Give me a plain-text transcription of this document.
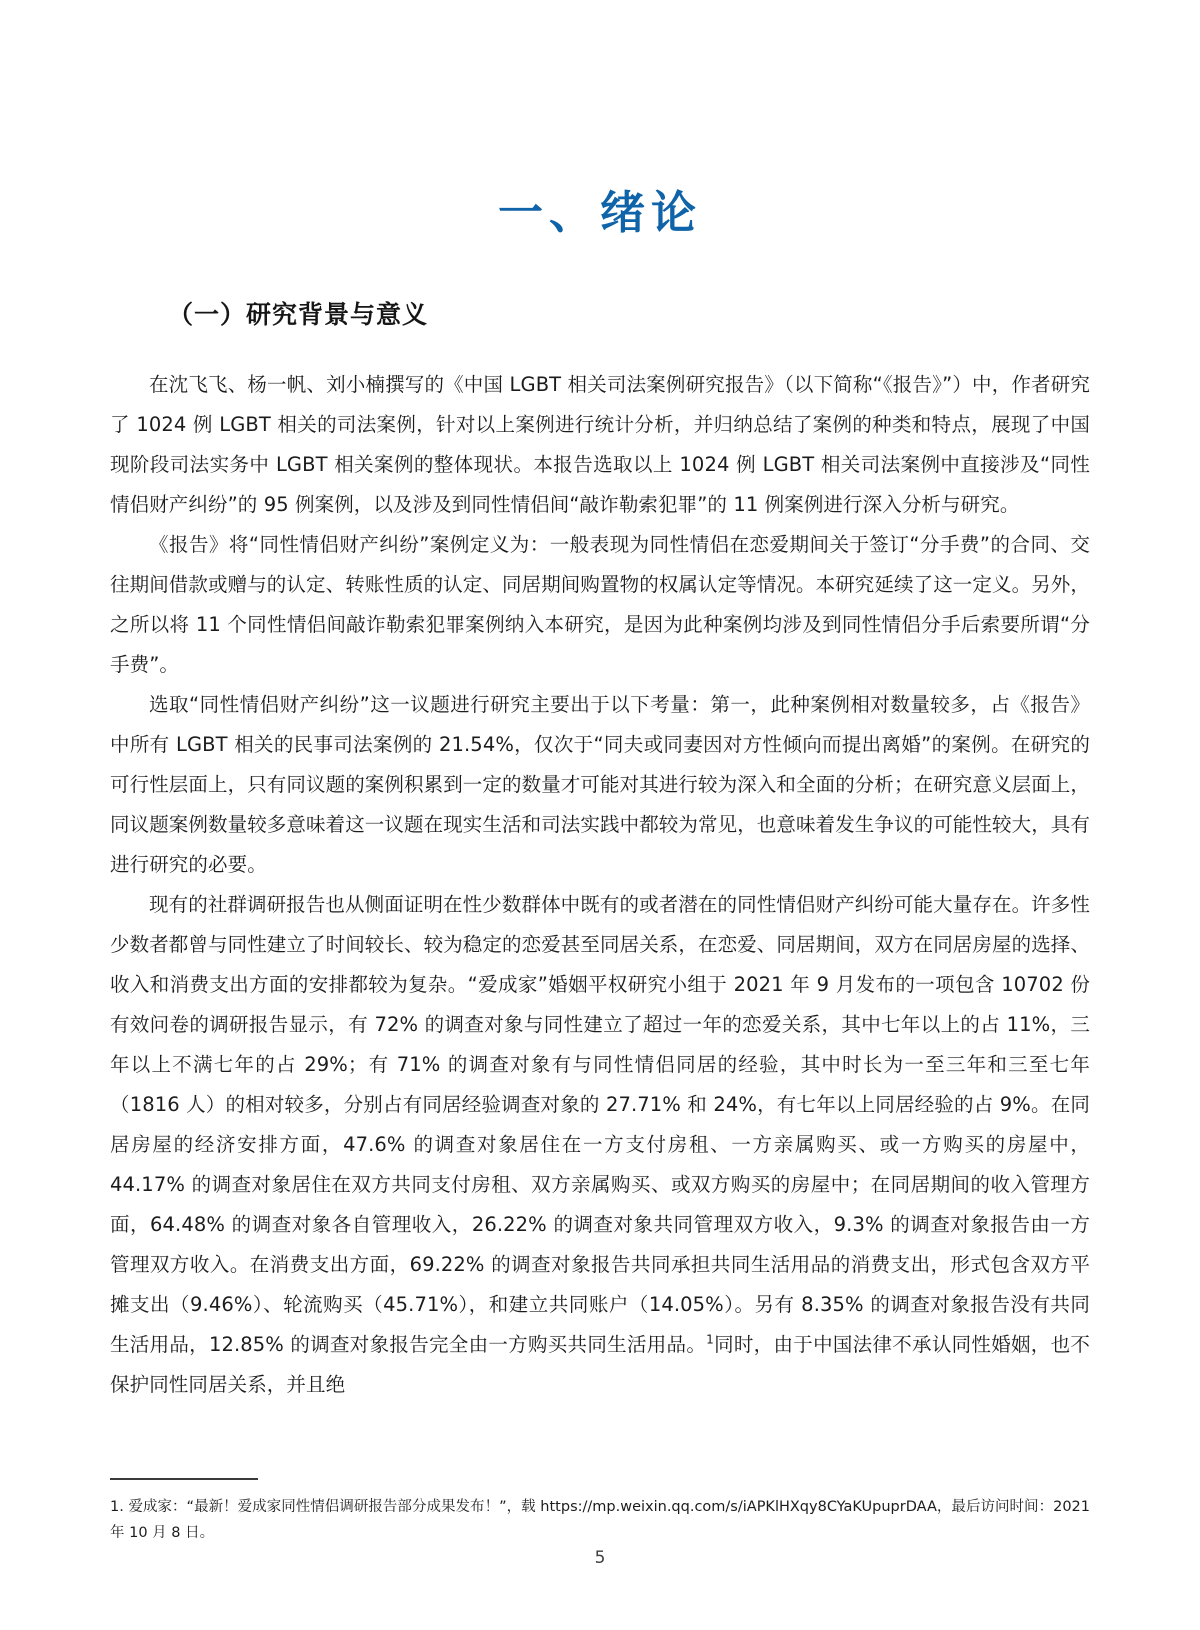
一、绪论
（一）研究背景与意义

在沈飞飞、杨一帆、刘小楠撰写的《中国 LGBT 相关司法案例研究报告》（以下简称“《报告》”）中，作者研究了 1024 例 LGBT 相关的司法案例，针对以上案例进行统计分析，并归纳总结了案例的种类和特点，展现了中国现阶段司法实务中 LGBT 相关案例的整体现状。本报告选取以上 1024 例 LGBT 相关司法案例中直接涉及“同性情侣财产纠纷”的 95 例案例，以及涉及到同性情侣间“敲诈勒索犯罪”的 11 例案例进行深入分析与研究。

《报告》将“同性情侣财产纠纷”案例定义为：一般表现为同性情侣在恋爱期间关于签订“分手费”的合同、交往期间借款或赠与的认定、转账性质的认定、同居期间购置物的权属认定等情况。本研究延续了这一定义。另外，之所以将 11 个同性情侣间敲诈勒索犯罪案例纳入本研究，是因为此种案例均涉及到同性情侣分手后索要所谓“分手费”。

选取“同性情侣财产纠纷”这一议题进行研究主要出于以下考量：第一，此种案例相对数量较多，占《报告》中所有 LGBT 相关的民事司法案例的 21.54%，仅次于“同夫或同妻因对方性倾向而提出离婚”的案例。在研究的可行性层面上，只有同议题的案例积累到一定的数量才可能对其进行较为深入和全面的分析；在研究意义层面上，同议题案例数量较多意味着这一议题在现实生活和司法实践中都较为常见，也意味着发生争议的可能性较大，具有进行研究的必要。

现有的社群调研报告也从侧面证明在性少数群体中既有的或者潜在的同性情侣财产纠纷可能大量存在。许多性少数者都曾与同性建立了时间较长、较为稳定的恋爱甚至同居关系，在恋爱、同居期间，双方在同居房屋的选择、收入和消费支出方面的安排都较为复杂。“爱成家”婚姻平权研究小组于 2021 年 9 月发布的一项包含 10702 份有效问卷的调研报告显示，有 72% 的调查对象与同性建立了超过一年的恋爱关系，其中七年以上的占 11%，三年以上不满七年的占 29%；有 71% 的调查对象有与同性情侣同居的经验，其中时长为一至三年和三至七年（1816 人）的相对较多，分别占有同居经验调查对象的 27.71% 和 24%，有七年以上同居经验的占 9%。在同居房屋的经济安排方面，47.6% 的调查对象居住在一方支付房租、一方亲属购买、或一方购买的房屋中，44.17% 的调查对象居住在双方共同支付房租、双方亲属购买、或双方购买的房屋中；在同居期间的收入管理方面，64.48% 的调查对象各自管理收入，26.22% 的调查对象共同管理双方收入，9.3% 的调查对象报告由一方管理双方收入。在消费支出方面，69.22% 的调查对象报告共同承担共同生活用品的消费支出，形式包含双方平摊支出（9.46%）、轮流购买（45.71%），和建立共同账户（14.05%）。另有 8.35% 的调查对象报告没有共同生活用品，12.85% 的调查对象报告完全由一方购买共同生活用品。$^1$同时，由于中国法律不承认同性婚姻，也不保护同性同居关系，并且绝

1. 爱成家：“最新！爱成家同性情侣调研报告部分成果发布！”，载 https://mp.weixin.qq.com/s/iAPKlHXqy8CYaKUpuprDAA，最后访问时间：2021 年 10 月 8 日。

5
